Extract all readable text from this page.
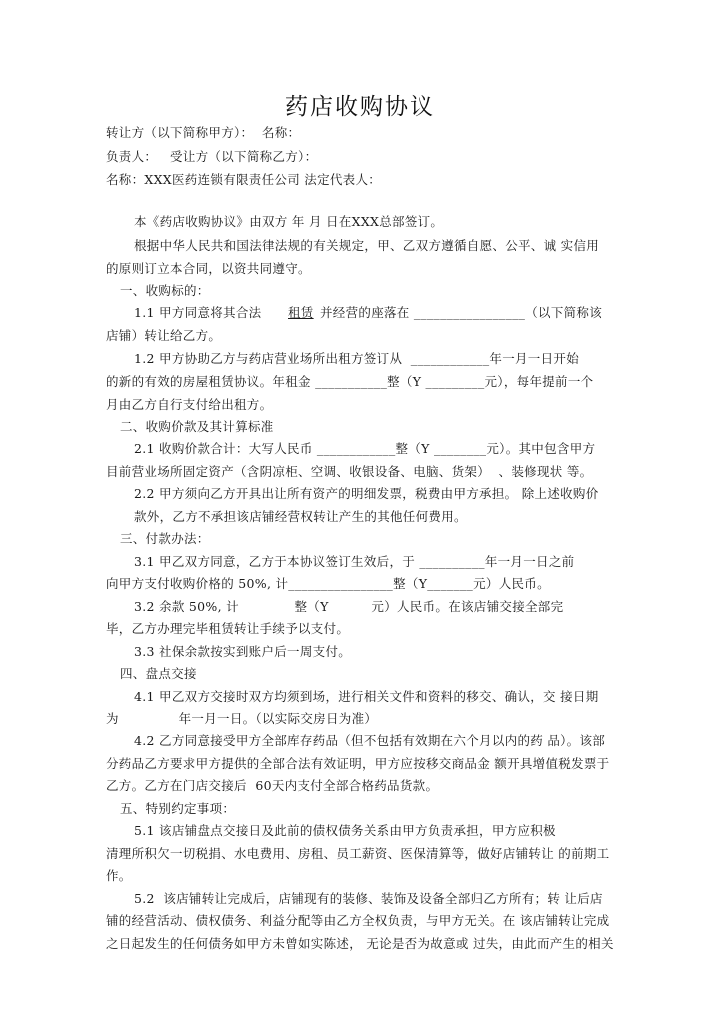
药店收购协议
转让方（以下简称甲方）：  名称：
负责人：   受让方（以下简称乙方）：
名称：XXX医药连锁有限责任公司 法定代表人：
本《药店收购协议》由双方 年 月 日在XXX总部签订。
根据中华人民共和国法律法规的有关规定，甲、乙双方遵循自愿、公平、诚 实信用
的原则订立本合同，以资共同遵守。
一、收购标的：
1.1 甲方同意将其合法 租赁 并经营的座落在 _________________（以下简称该
店铺）转让给乙方。
1.2 甲方协助乙方与药店营业场所出租方签订从  ____________年一月一日开始
的新的有效的房屋租赁协议。年租金 ___________整（Y _________元），每年提前一个
月由乙方自行支付给出租方。
二、收购价款及其计算标准
2.1 收购价款合计：大写人民币 ____________整（Y ________元）。其中包含甲方
目前营业场所固定资产（含阴凉柜、空调、收银设备、电脑、货架）  、装修现状 等。
2.2 甲方须向乙方开具出让所有资产的明细发票，税费由甲方承担。 除上述收购价
款外，乙方不承担该店铺经营权转让产生的其他任何费用。
三、付款办法：
3.1 甲乙双方同意，乙方于本协议签订生效后，于 __________年一月一日之前
向甲方支付收购价格的 50%, 计________________整（Y_______元）人民币。
3.2 余款 50%, 计             整（Y          元）人民币。在该店铺交接全部完
毕，乙方办理完毕租赁转让手续予以支付。
3.3 社保余款按实到账户后一周支付。
四、盘点交接
4.1 甲乙双方交接时双方均须到场，进行相关文件和资料的移交、确认，交 接日期
为              年一月一日。（以实际交房日为准）
4.2 乙方同意接受甲方全部库存药品（但不包括有效期在六个月以内的药 品）。该部
分药品乙方要求甲方提供的全部合法有效证明，甲方应按移交商品金 额开具增值税发票于
乙方。乙方在门店交接后  60天内支付全部合格药品货款。
五、特别约定事项：
5.1 该店铺盘点交接日及此前的债权债务关系由甲方负责承担，甲方应积极
清理所积欠一切税捐、水电费用、房租、员工薪资、医保清算等，做好店铺转让 的前期工
作。
5.2  该店铺转让完成后，店铺现有的装修、装饰及设备全部归乙方所有；转 让后店
铺的经营活动、债权债务、利益分配等由乙方全权负责，与甲方无关。在 该店铺转让完成
之日起发生的任何债务如甲方未曾如实陈述， 无论是否为故意或 过失，由此而产生的相关
